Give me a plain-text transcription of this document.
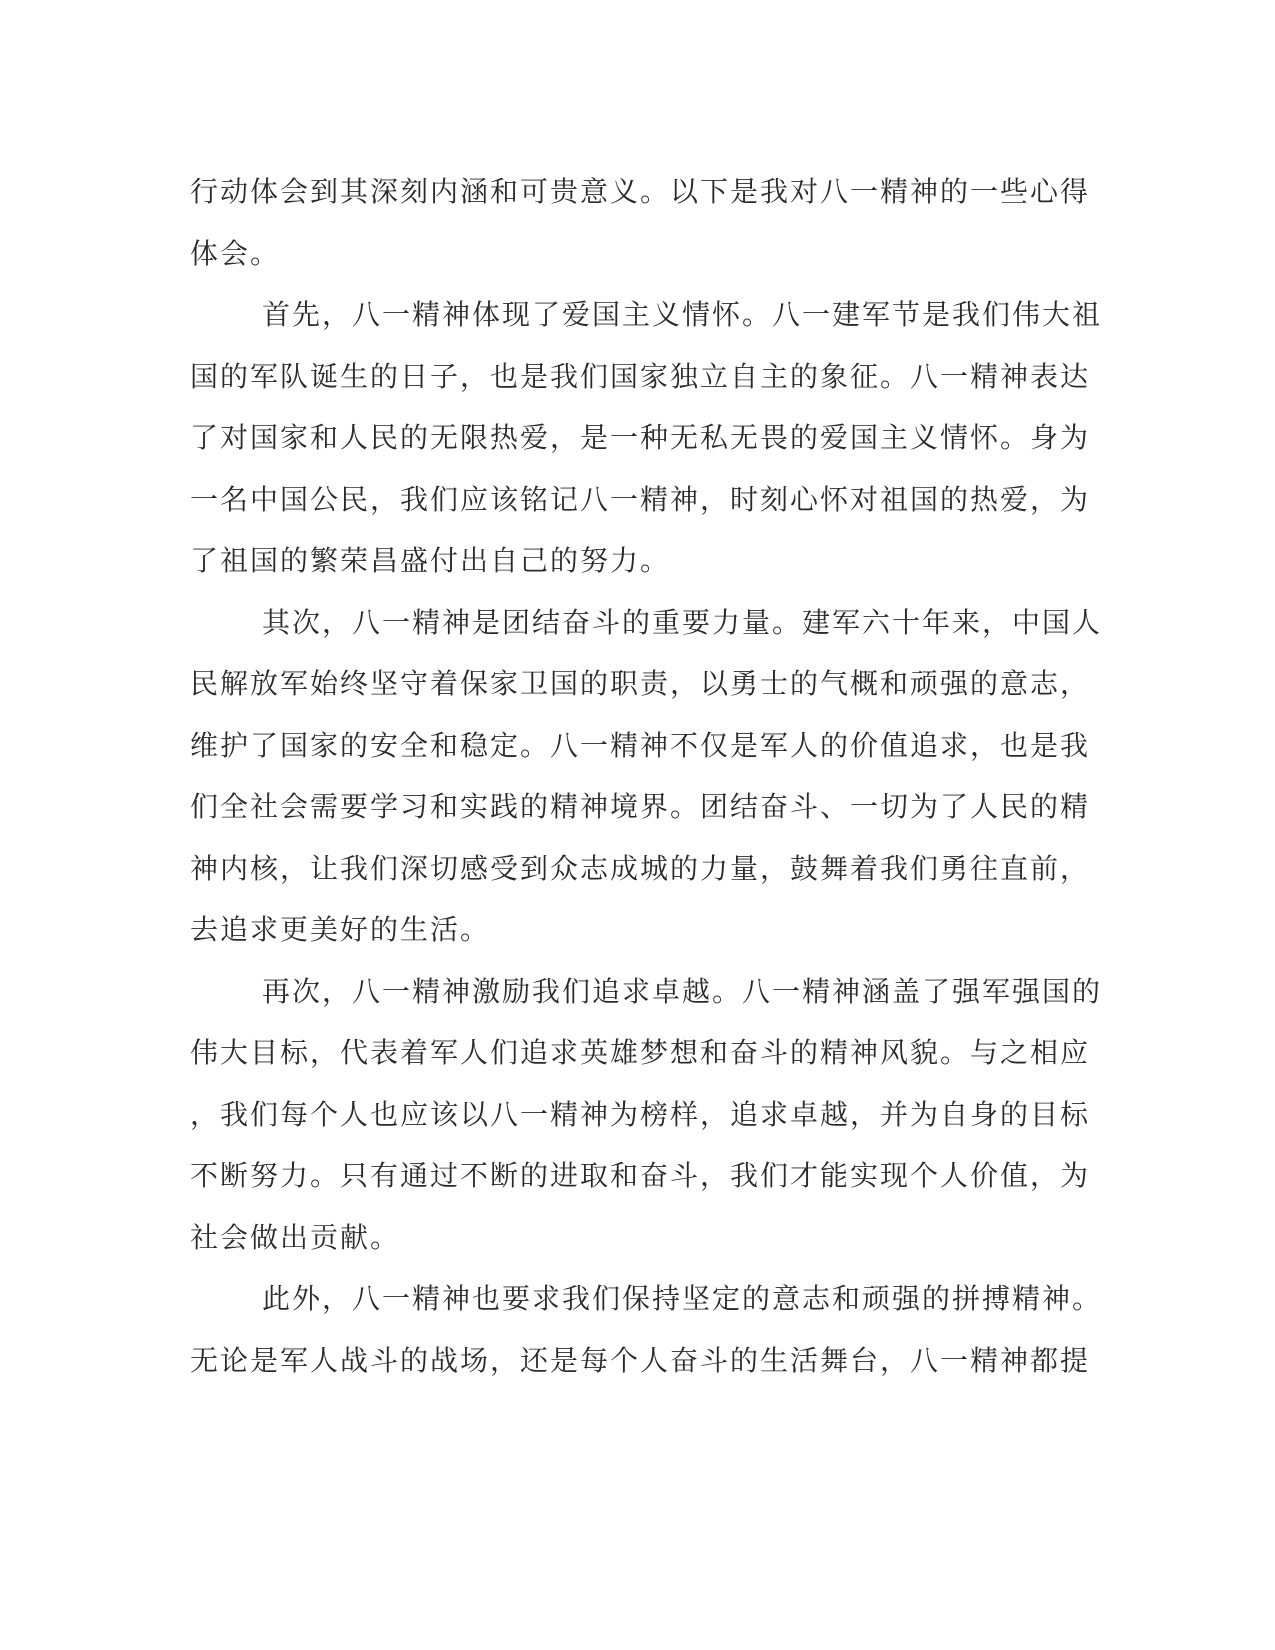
行动体会到其深刻内涵和可贵意义。以下是我对八一精神的一些心得
体会。
首先，八一精神体现了爱国主义情怀。八一建军节是我们伟大祖
国的军队诞生的日子，也是我们国家独立自主的象征。八一精神表达
了对国家和人民的无限热爱，是一种无私无畏的爱国主义情怀。身为
一名中国公民，我们应该铭记八一精神，时刻心怀对祖国的热爱，为
了祖国的繁荣昌盛付出自己的努力。
其次，八一精神是团结奋斗的重要力量。建军六十年来，中国人
民解放军始终坚守着保家卫国的职责，以勇士的气概和顽强的意志，
维护了国家的安全和稳定。八一精神不仅是军人的价值追求，也是我
们全社会需要学习和实践的精神境界。团结奋斗、一切为了人民的精
神内核，让我们深切感受到众志成城的力量，鼓舞着我们勇往直前，
去追求更美好的生活。
再次，八一精神激励我们追求卓越。八一精神涵盖了强军强国的
伟大目标，代表着军人们追求英雄梦想和奋斗的精神风貌。与之相应
，我们每个人也应该以八一精神为榜样，追求卓越，并为自身的目标
不断努力。只有通过不断的进取和奋斗，我们才能实现个人价值，为
社会做出贡献。
此外，八一精神也要求我们保持坚定的意志和顽强的拼搏精神。
无论是军人战斗的战场，还是每个人奋斗的生活舞台，八一精神都提
